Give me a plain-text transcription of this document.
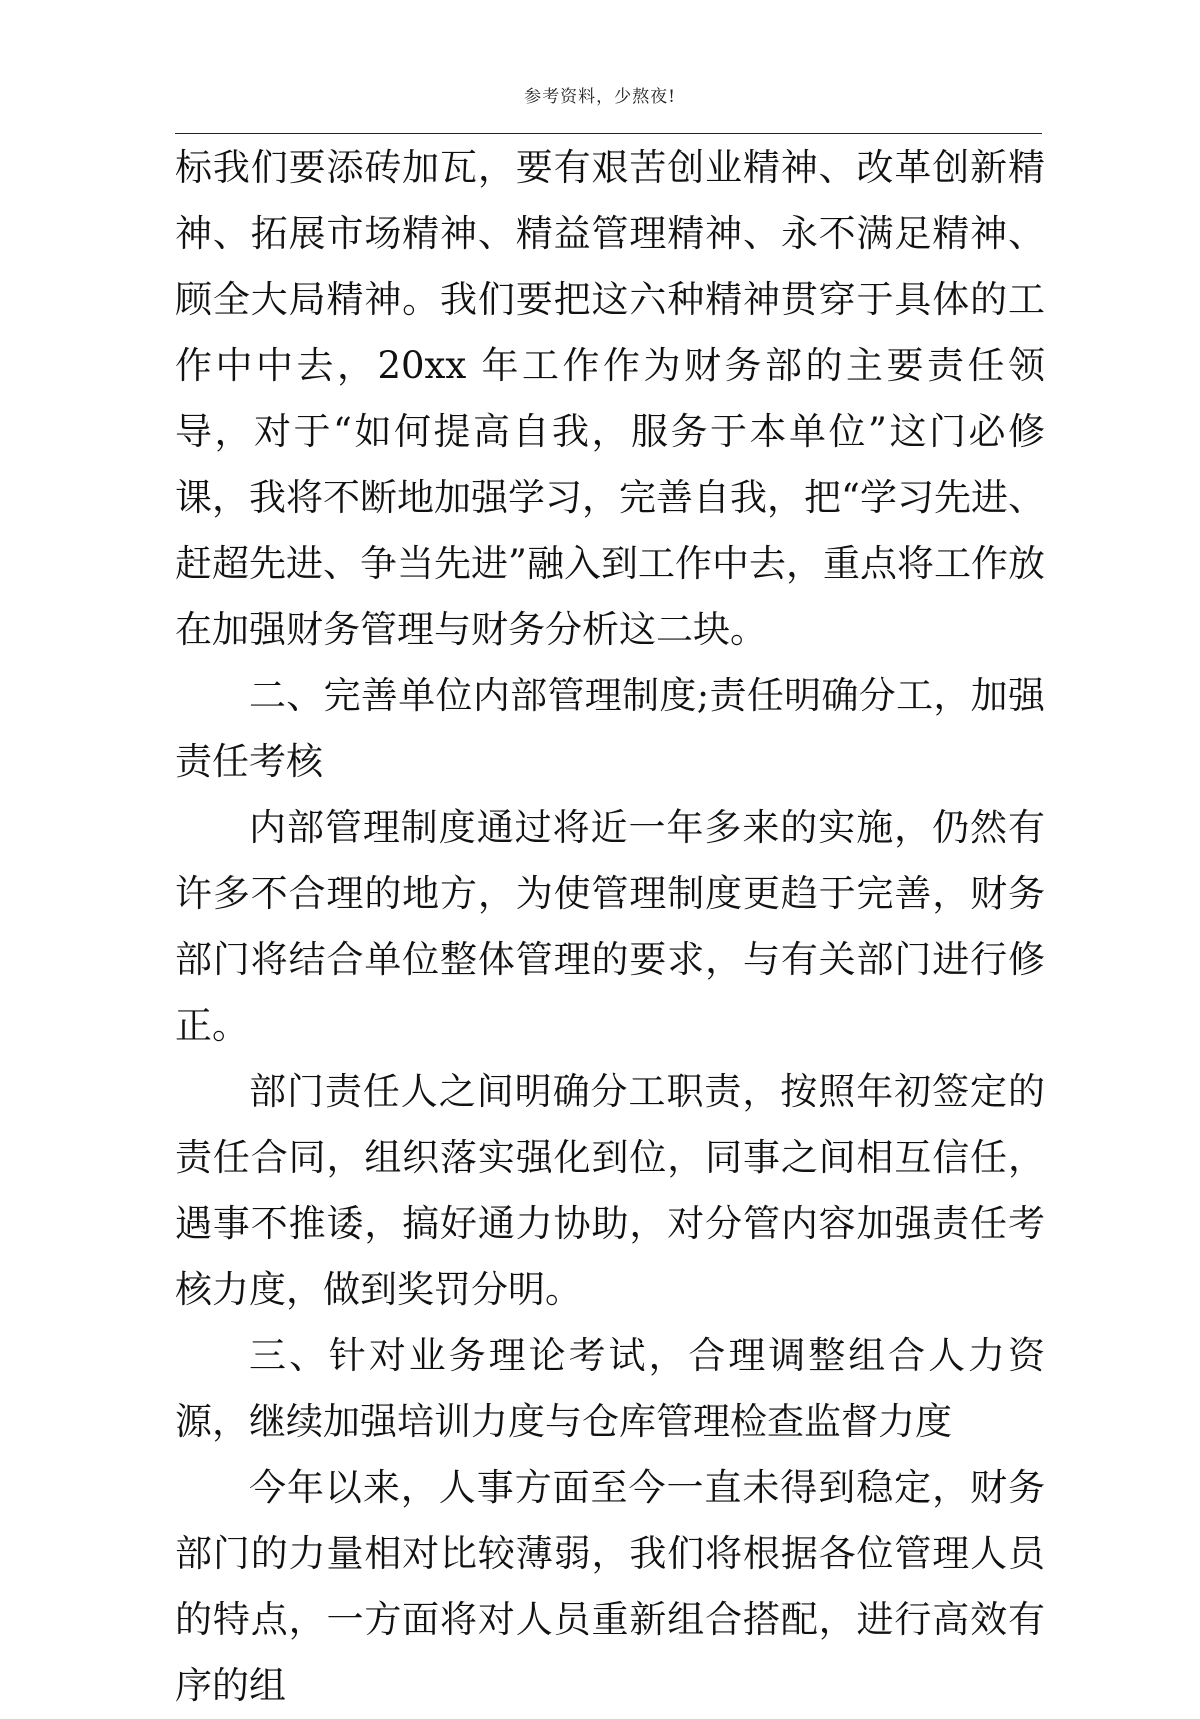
参考资料，少熬夜!

标我们要添砖加瓦，要有艰苦创业精神、改革创新精神、拓展市场精神、精益管理精神、永不满足精神、顾全大局精神。我们要把这六种精神贯穿于具体的工作中中去，20xx 年工作作为财务部的主要责任领导，对于“如何提高自我，服务于本单位”这门必修课，我将不断地加强学习，完善自我，把“学习先进、赶超先进、争当先进”融入到工作中去，重点将工作放在加强财务管理与财务分析这二块。

二、完善单位内部管理制度;责任明确分工，加强责任考核

内部管理制度通过将近一年多来的实施，仍然有许多不合理的地方，为使管理制度更趋于完善，财务部门将结合单位整体管理的要求，与有关部门进行修正。

部门责任人之间明确分工职责，按照年初签定的责任合同，组织落实强化到位，同事之间相互信任，遇事不推诿，搞好通力协助，对分管内容加强责任考核力度，做到奖罚分明。

三、针对业务理论考试，合理调整组合人力资源，继续加强培训力度与仓库管理检查监督力度

今年以来，人事方面至今一直未得到稳定，财务部门的力量相对比较薄弱，我们将根据各位管理人员的特点，一方面将对人员重新组合搭配，进行高效有序的组
